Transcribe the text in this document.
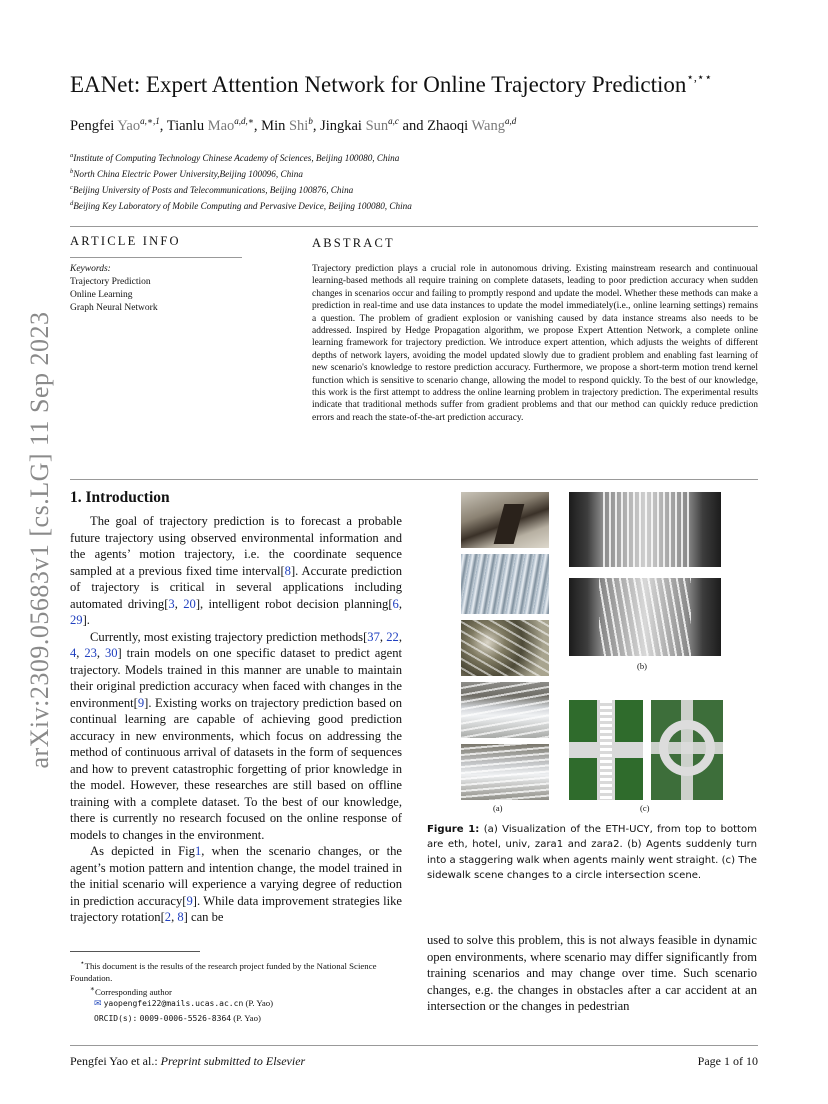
arXiv:2309.05683v1 [cs.LG] 11 Sep 2023
EANet: Expert Attention Network for Online Trajectory Prediction⋆,⋆⋆
Pengfei Yao$^{a,∗,1}$, Tianlu Mao$^{a,d,∗}$, Min Shi$^b$, Jingkai Sun$^{a,c}$ and Zhaoqi Wang$^{a,d}$
$^a$Institute of Computing Technology Chinese Academy of Sciences, Beijing 100080, China
$^b$North China Electric Power University,Beijing 100096, China
$^c$Beijing University of Posts and Telecommunications, Beijing 100876, China
$^d$Beijing Key Laboratory of Mobile Computing and Pervasive Device, Beijing 100080, China
ARTICLE INFO
Keywords:
Trajectory Prediction
Online Learning
Graph Neural Network
ABSTRACT
Trajectory prediction plays a crucial role in autonomous driving. Existing mainstream research and continuoual learning-based methods all require training on complete datasets, leading to poor prediction accuracy when sudden changes in scenarios occur and failing to promptly respond and update the model. Whether these methods can make a prediction in real-time and use data instances to update the model immediately(i.e., online learning settings) remains a question. The problem of gradient explosion or vanishing caused by data instance streams also needs to be addressed. Inspired by Hedge Propagation algorithm, we propose Expert Attention Network, a complete online learning framework for trajectory prediction. We introduce expert attention, which adjusts the weights of different depths of network layers, avoiding the model updated slowly due to gradient problem and enabling fast learning of new scenario's knowledge to restore prediction accuracy. Furthermore, we propose a short-term motion trend kernel function which is sensitive to scenario change, allowing the model to respond quickly. To the best of our knowledge, this work is the first attempt to address the online learning problem in trajectory prediction. The experimental results indicate that traditional methods suffer from gradient problems and that our method can quickly reduce prediction errors and reach the state-of-the-art prediction accuracy.
1. Introduction

The goal of trajectory prediction is to forecast a probable future trajectory using observed environmental information and the agents’ motion trajectory, i.e. the coordinate sequence sampled at a previous fixed time interval[8]. Accurate prediction of trajectory is critical in several applications including automated driving[3, 20], intelligent robot decision planning[6, 29].

Currently, most existing trajectory prediction methods[37, 22, 4, 23, 30] train models on one specific dataset to predict agent trajectory. Models trained in this manner are unable to maintain their original prediction accuracy when faced with changes in the environment[9]. Existing works on trajectory prediction based on continual learning are capable of achieving good prediction accuracy in new environments, which focus on addressing the method of continuous arrival of datasets in the form of sequences and how to prevent catastrophic forgetting of prior knowledge in the model. However, these researches are still based on offline training with a complete dataset. To the best of our knowledge, there is currently no research focused on the online response of models to changes in the environment.

As depicted in Fig1, when the scenario changes, or the agent’s motion pattern and intention change, the model trained in the initial scenario will experience a varying degree of reduction in prediction accuracy[9]. While data improvement strategies like trajectory rotation[2, 8] can be

used to solve this problem, this is not always feasible in dynamic open environments, where scenario may differ significantly from training scenarios and may change over time. Such scenario changes, e.g. the changes in obstacles after a car accident at an intersection or the changes in pedestrian

(a)
(b)
(c)
Figure 1: (a) Visualization of the ETH-UCY, from top to bottom are eth, hotel, univ, zara1 and zara2. (b) Agents suddenly turn into a staggering walk when agents mainly went straight. (c) The sidewalk scene changes to a circle intersection scene.
⋆This document is the results of the research project funded by the National Science Foundation.
∗Corresponding author
✉ yaopengfei22@mails.ucas.ac.cn (P. Yao)
ORCID(s): 0009-0006-5526-8364 (P. Yao)
Pengfei Yao et al.: Preprint submitted to Elsevier	Page 1 of 10
